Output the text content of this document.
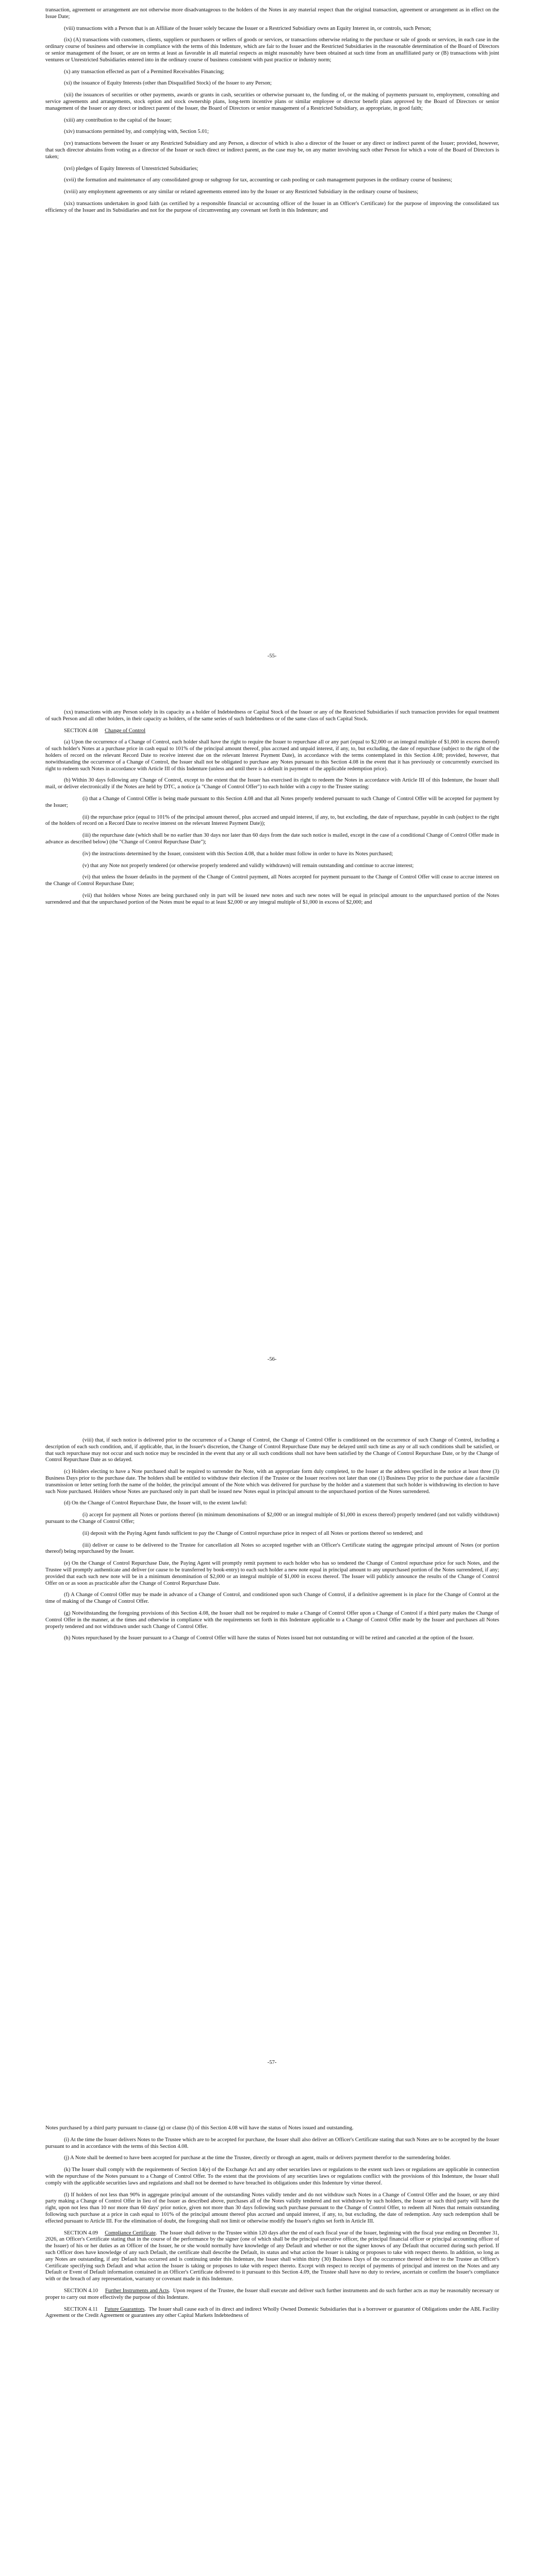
transaction, agreement or arrangement are not otherwise more disadvantageous to the holders of the Notes in any material respect than the original transaction, agreement or arrangement as in effect on the Issue Date;

(viii) transactions with a Person that is an Affiliate of the Issuer solely because the Issuer or a Restricted Subsidiary owns an Equity Interest in, or controls, such Person;

(ix) (A) transactions with customers, clients, suppliers or purchasers or sellers of goods or services, or transactions otherwise relating to the purchase or sale of goods or services, in each case in the ordinary course of business and otherwise in compliance with the terms of this Indenture, which are fair to the Issuer and the Restricted Subsidiaries in the reasonable determination of the Board of Directors or senior management of the Issuer, or are on terms at least as favorable in all material respects as might reasonably have been obtained at such time from an unaffiliated party or (B) transactions with joint ventures or Unrestricted Subsidiaries entered into in the ordinary course of business consistent with past practice or industry norm;

(x) any transaction effected as part of a Permitted Receivables Financing;

(xi) the issuance of Equity Interests (other than Disqualified Stock) of the Issuer to any Person;

(xii) the issuances of securities or other payments, awards or grants in cash, securities or otherwise pursuant to, the funding of, or the making of payments pursuant to, employment, consulting and service agreements and arrangements, stock option and stock ownership plans, long-term incentive plans or similar employee or director benefit plans approved by the Board of Directors or senior management of the Issuer or any direct or indirect parent of the Issuer, the Board of Directors or senior management of a Restricted Subsidiary, as appropriate, in good faith;

(xiii) any contribution to the capital of the Issuer;

(xiv) transactions permitted by, and complying with, Section 5.01;

(xv) transactions between the Issuer or any Restricted Subsidiary and any Person, a director of which is also a director of the Issuer or any direct or indirect parent of the Issuer; provided, however, that such director abstains from voting as a director of the Issuer or such direct or indirect parent, as the case may be, on any matter involving such other Person for which a vote of the Board of Directors is taken;

(xvi) pledges of Equity Interests of Unrestricted Subsidiaries;

(xvii) the formation and maintenance of any consolidated group or subgroup for tax, accounting or cash pooling or cash management purposes in the ordinary course of business;

(xviii) any employment agreements or any similar or related agreements entered into by the Issuer or any Restricted Subsidiary in the ordinary course of business;

(xix) transactions undertaken in good faith (as certified by a responsible financial or accounting officer of the Issuer in an Officer's Certificate) for the purpose of improving the consolidated tax efficiency of the Issuer and its Subsidiaries and not for the purpose of circumventing any covenant set forth in this Indenture; and

-55-

(xx) transactions with any Person solely in its capacity as a holder of Indebtedness or Capital Stock of the Issuer or any of the Restricted Subsidiaries if such transaction provides for equal treatment of such Person and all other holders, in their capacity as holders, of the same series of such Indebtedness or of the same class of such Capital Stock.

SECTION 4.08 Change of Control

(a) Upon the occurrence of a Change of Control, each holder shall have the right to require the Issuer to repurchase all or any part (equal to $2,000 or an integral multiple of $1,000 in excess thereof) of such holder's Notes at a purchase price in cash equal to 101% of the principal amount thereof, plus accrued and unpaid interest, if any, to, but excluding, the date of repurchase (subject to the right of the holders of record on the relevant Record Date to receive interest due on the relevant Interest Payment Date), in accordance with the terms contemplated in this Section 4.08; provided, however, that notwithstanding the occurrence of a Change of Control, the Issuer shall not be obligated to purchase any Notes pursuant to this Section 4.08 in the event that it has previously or concurrently exercised its right to redeem such Notes in accordance with Article III of this Indenture (unless and until there is a default in payment of the applicable redemption price).

(b) Within 30 days following any Change of Control, except to the extent that the Issuer has exercised its right to redeem the Notes in accordance with Article III of this Indenture, the Issuer shall mail, or deliver electronically if the Notes are held by DTC, a notice (a "Change of Control Offer") to each holder with a copy to the Trustee stating:

(i) that a Change of Control Offer is being made pursuant to this Section 4.08 and that all Notes properly tendered pursuant to such Change of Control Offer will be accepted for payment by the Issuer;

(ii) the repurchase price (equal to 101% of the principal amount thereof, plus accrued and unpaid interest, if any, to, but excluding, the date of repurchase, payable in cash (subject to the right of the holders of record on a Record Date to receive interest on the relevant Interest Payment Date));

(iii) the repurchase date (which shall be no earlier than 30 days nor later than 60 days from the date such notice is mailed, except in the case of a conditional Change of Control Offer made in advance as described below) (the "Change of Control Repurchase Date");

(iv) the instructions determined by the Issuer, consistent with this Section 4.08, that a holder must follow in order to have its Notes purchased;

(v) that any Note not properly tendered (or otherwise properly tendered and validly withdrawn) will remain outstanding and continue to accrue interest;

(vi) that unless the Issuer defaults in the payment of the Change of Control payment, all Notes accepted for payment pursuant to the Change of Control Offer will cease to accrue interest on the Change of Control Repurchase Date;

(vii) that holders whose Notes are being purchased only in part will be issued new notes and such new notes will be equal in principal amount to the unpurchased portion of the Notes surrendered and that the unpurchased portion of the Notes must be equal to at least $2,000 or any integral multiple of $1,000 in excess of $2,000; and

-56-

(viii) that, if such notice is delivered prior to the occurrence of a Change of Control, the Change of Control Offer is conditioned on the occurrence of such Change of Control, including a description of each such condition, and, if applicable, that, in the Issuer's discretion, the Change of Control Repurchase Date may be delayed until such time as any or all such conditions shall be satisfied, or that such repurchase may not occur and such notice may be rescinded in the event that any or all such conditions shall not have been satisfied by the Change of Control Repurchase Date, or by the Change of Control Repurchase Date as so delayed.

(c) Holders electing to have a Note purchased shall be required to surrender the Note, with an appropriate form duly completed, to the Issuer at the address specified in the notice at least three (3) Business Days prior to the purchase date. The holders shall be entitled to withdraw their election if the Trustee or the Issuer receives not later than one (1) Business Day prior to the purchase date a facsimile transmission or letter setting forth the name of the holder, the principal amount of the Note which was delivered for purchase by the holder and a statement that such holder is withdrawing its election to have such Note purchased. Holders whose Notes are purchased only in part shall be issued new Notes equal in principal amount to the unpurchased portion of the Notes surrendered.

(d) On the Change of Control Repurchase Date, the Issuer will, to the extent lawful:

(i) accept for payment all Notes or portions thereof (in minimum denominations of $2,000 or an integral multiple of $1,000 in excess thereof) properly tendered (and not validly withdrawn) pursuant to the Change of Control Offer;

(ii) deposit with the Paying Agent funds sufficient to pay the Change of Control repurchase price in respect of all Notes or portions thereof so tendered; and

(iii) deliver or cause to be delivered to the Trustee for cancellation all Notes so accepted together with an Officer's Certificate stating the aggregate principal amount of Notes (or portion thereof) being repurchased by the Issuer.

(e) On the Change of Control Repurchase Date, the Paying Agent will promptly remit payment to each holder who has so tendered the Change of Control repurchase price for such Notes, and the Trustee will promptly authenticate and deliver (or cause to be transferred by book-entry) to each such holder a new note equal in principal amount to any unpurchased portion of the Notes surrendered, if any; provided that each such new note will be in a minimum denomination of $2,000 or an integral multiple of $1,000 in excess thereof. The Issuer will publicly announce the results of the Change of Control Offer on or as soon as practicable after the Change of Control Repurchase Date.

(f) A Change of Control Offer may be made in advance of a Change of Control, and conditioned upon such Change of Control, if a definitive agreement is in place for the Change of Control at the time of making of the Change of Control Offer.

(g) Notwithstanding the foregoing provisions of this Section 4.08, the Issuer shall not be required to make a Change of Control Offer upon a Change of Control if a third party makes the Change of Control Offer in the manner, at the times and otherwise in compliance with the requirements set forth in this Indenture applicable to a Change of Control Offer made by the Issuer and purchases all Notes properly tendered and not withdrawn under such Change of Control Offer.

(h) Notes repurchased by the Issuer pursuant to a Change of Control Offer will have the status of Notes issued but not outstanding or will be retired and canceled at the option of the Issuer.

-57-

Notes purchased by a third party pursuant to clause (g) or clause (h) of this Section 4.08 will have the status of Notes issued and outstanding.

(i) At the time the Issuer delivers Notes to the Trustee which are to be accepted for purchase, the Issuer shall also deliver an Officer's Certificate stating that such Notes are to be accepted by the Issuer pursuant to and in accordance with the terms of this Section 4.08.

(j) A Note shall be deemed to have been accepted for purchase at the time the Trustee, directly or through an agent, mails or delivers payment therefor to the surrendering holder.

(k) The Issuer shall comply with the requirements of Section 14(e) of the Exchange Act and any other securities laws or regulations to the extent such laws or regulations are applicable in connection with the repurchase of the Notes pursuant to a Change of Control Offer. To the extent that the provisions of any securities laws or regulations conflict with the provisions of this Indenture, the Issuer shall comply with the applicable securities laws and regulations and shall not be deemed to have breached its obligations under this Indenture by virtue thereof.

(l) If holders of not less than 90% in aggregate principal amount of the outstanding Notes validly tender and do not withdraw such Notes in a Change of Control Offer and the Issuer, or any third party making a Change of Control Offer in lieu of the Issuer as described above, purchases all of the Notes validly tendered and not withdrawn by such holders, the Issuer or such third party will have the right, upon not less than 10 nor more than 60 days' prior notice, given not more than 30 days following such purchase pursuant to the Change of Control Offer, to redeem all Notes that remain outstanding following such purchase at a price in cash equal to 101% of the principal amount thereof plus accrued and unpaid interest, if any, to, but excluding, the date of redemption. Any such redemption shall be effected pursuant to Article III. For the elimination of doubt, the foregoing shall not limit or otherwise modify the Issuer's rights set forth in Article III.

SECTION 4.09 Compliance Certificate.  The Issuer shall deliver to the Trustee within 120 days after the end of each fiscal year of the Issuer, beginning with the fiscal year ending on December 31, 2026, an Officer's Certificate stating that in the course of the performance by the signer (one of which shall be the principal executive officer, the principal financial officer or principal accounting officer of the Issuer) of his or her duties as an Officer of the Issuer, he or she would normally have knowledge of any Default and whether or not the signer knows of any Default that occurred during such period. If such Officer does have knowledge of any such Default, the certificate shall describe the Default, its status and what action the Issuer is taking or proposes to take with respect thereto. In addition, so long as any Notes are outstanding, if any Default has occurred and is continuing under this Indenture, the Issuer shall within thirty (30) Business Days of the occurrence thereof deliver to the Trustee an Officer's Certificate specifying such Default and what action the Issuer is taking or proposes to take with respect thereto. Except with respect to receipt of payments of principal and interest on the Notes and any Default or Event of Default information contained in an Officer's Certificate delivered to it pursuant to this Section 4.09, the Trustee shall have no duty to review, ascertain or confirm the Issuer's compliance with or the breach of any representation, warranty or covenant made in this Indenture.

SECTION 4.10 Further Instruments and Acts.  Upon request of the Trustee, the Issuer shall execute and deliver such further instruments and do such further acts as may be reasonably necessary or proper to carry out more effectively the purpose of this Indenture.

SECTION 4.11 Future Guarantors.  The Issuer shall cause each of its direct and indirect Wholly Owned Domestic Subsidiaries that is a borrower or guarantor of Obligations under the ABL Facility Agreement or the Credit Agreement or guarantees any other Capital Markets Indebtedness of
